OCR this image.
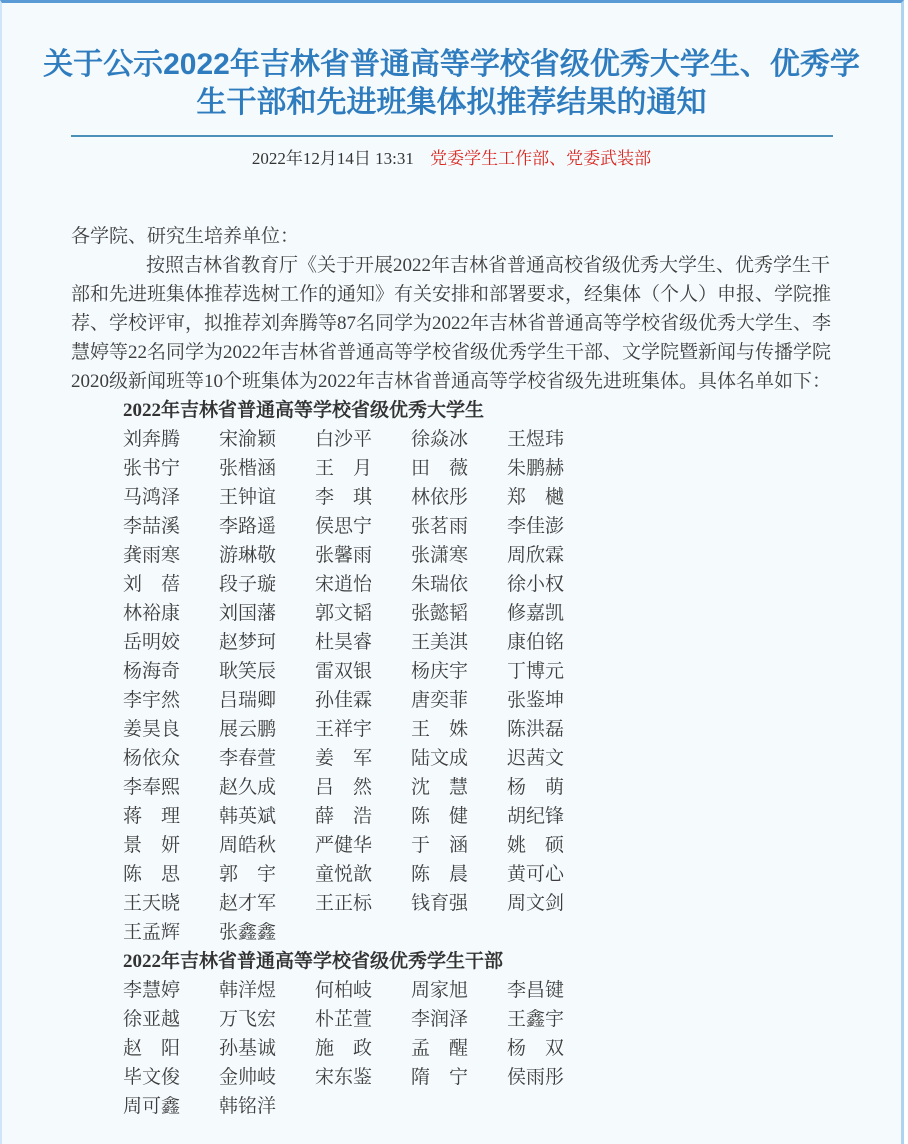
关于公示2022年吉林省普通高等学校省级优秀大学生、优秀学
生干部和先进班集体拟推荐结果的通知
2022年12月14日 13:31 党委学生工作部、党委武装部

各学院、研究生培养单位：

按照吉林省教育厅《关于开展2022年吉林省普通高校省级优秀大学生、优秀学生干部和先进班集体推荐选树工作的通知》有关安排和部署要求，经集体（个人）申报、学院推荐、学校评审，拟推荐刘奔腾等87名同学为2022年吉林省普通高等学校省级优秀大学生、李慧婷等22名同学为2022年吉林省普通高等学校省级优秀学生干部、文学院暨新闻与传播学院2020级新闻班等10个班集体为2022年吉林省普通高等学校省级先进班集体。具体名单如下：

2022年吉林省普通高等学校省级优秀大学生
刘奔腾 宋渝颖 白沙平 徐焱冰 王煜玮
张书宁 张楷涵 王　月 田　薇 朱鹏赫
马鸿泽 王钟谊 李　琪 林依彤 郑　樾
李喆溪 李路遥 侯思宁 张茗雨 李佳澎
龚雨寒 游琳敬 张馨雨 张潇寒 周欣霖
刘　蓓 段子璇 宋逍怡 朱瑞依 徐小权
林裕康 刘国藩 郭文韬 张懿韬 修嘉凯
岳明姣 赵梦珂 杜昊睿 王美淇 康伯铭
杨海奇 耿笑辰 雷双银 杨庆宇 丁博元
李宇然 吕瑞卿 孙佳霖 唐奕菲 张鉴坤
姜昊良 展云鹏 王祥宇 王　姝 陈洪磊
杨依众 李春萱 姜　军 陆文成 迟茜文
李奉熙 赵久成 吕　然 沈　慧 杨　萌
蒋　理 韩英斌 薛　浩 陈　健 胡纪锋
景　妍 周皓秋 严健华 于　涵 姚　硕
陈　思 郭　宇 童悦歆 陈　晨 黄可心
王天晓 赵才军 王正标 钱育强 周文剑
王孟辉 张鑫鑫
2022年吉林省普通高等学校省级优秀学生干部
李慧婷 韩洋煜 何柏岐 周家旭 李昌键
徐亚越 万飞宏 朴芷萱 李润泽 王鑫宇
赵　阳 孙基诚 施　政 孟　醒 杨　双
毕文俊 金帅岐 宋东鉴 隋　宁 侯雨彤
周可鑫 韩铭洋
